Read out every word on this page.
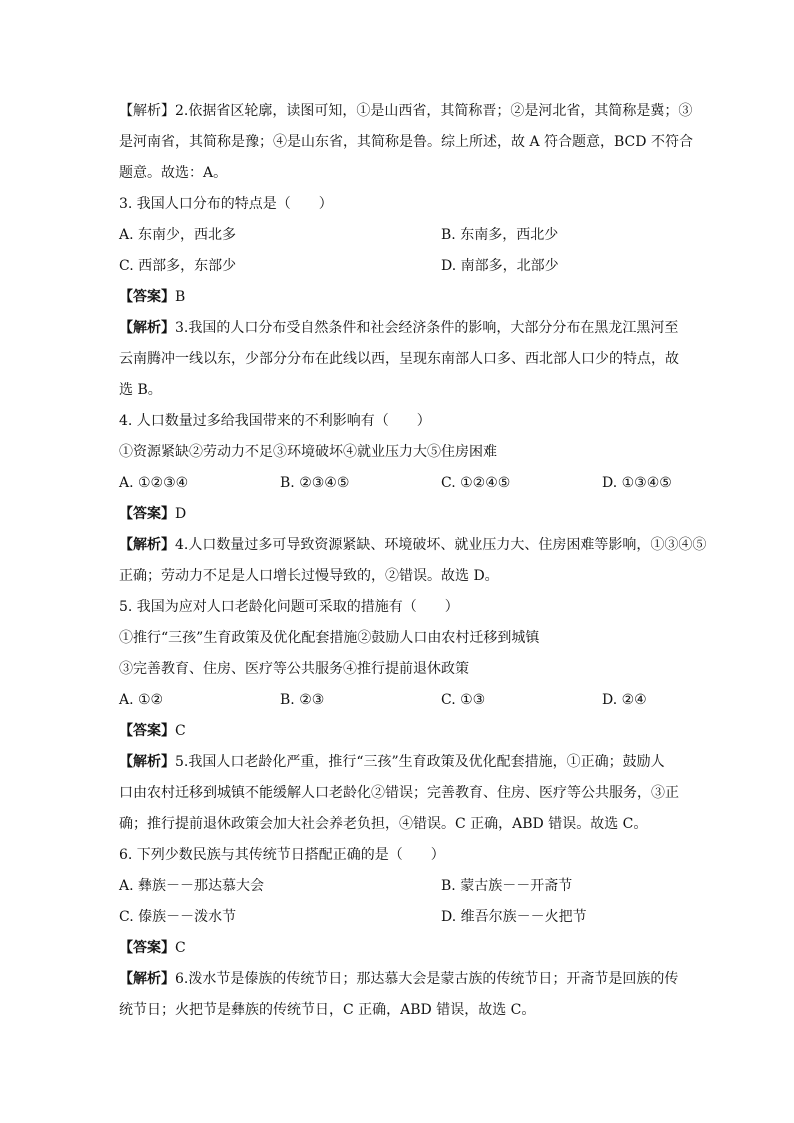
【解析】2.依据省区轮廓，读图可知，①是山西省，其简称晋；②是河北省，其简称是冀；③
是河南省，其简称是豫；④是山东省，其简称是鲁。综上所述，故 A 符合题意，BCD 不符合
题意。故选：A。
3. 我国人口分布的特点是（　　）
A. 东南少，西北多	B. 东南多，西北少
C. 西部多，东部少	D. 南部多，北部少
【答案】B
【解析】3.我国的人口分布受自然条件和社会经济条件的影响，大部分分布在黑龙江黑河至
云南腾冲一线以东，少部分分布在此线以西，呈现东南部人口多、西北部人口少的特点，故
选 B。
4. 人口数量过多给我国带来的不利影响有（　　）
①资源紧缺②劳动力不足③环境破坏④就业压力大⑤住房困难
A. ①②③④	B. ②③④⑤	C. ①②④⑤	D. ①③④⑤
【答案】D
【解析】4.人口数量过多可导致资源紧缺、环境破坏、就业压力大、住房困难等影响，①③④⑤
正确；劳动力不足是人口增长过慢导致的，②错误。故选 D。
5. 我国为应对人口老龄化问题可采取的措施有（　　）
①推行“三孩”生育政策及优化配套措施②鼓励人口由农村迁移到城镇
③完善教育、住房、医疗等公共服务④推行提前退休政策
A. ①②	B. ②③	C. ①③	D. ②④
【答案】C
【解析】5.我国人口老龄化严重，推行“三孩”生育政策及优化配套措施，①正确；鼓励人
口由农村迁移到城镇不能缓解人口老龄化②错误；完善教育、住房、医疗等公共服务，③正
确；推行提前退休政策会加大社会养老负担，④错误。C 正确，ABD 错误。故选 C。
6. 下列少数民族与其传统节日搭配正确的是（　　）
A. 彝族－－那达慕大会	B. 蒙古族－－开斋节
C. 傣族－－泼水节	D. 维吾尔族－－火把节
【答案】C
【解析】6.泼水节是傣族的传统节日；那达慕大会是蒙古族的传统节日；开斋节是回族的传
统节日；火把节是彝族的传统节日，C 正确，ABD 错误，故选 C。
